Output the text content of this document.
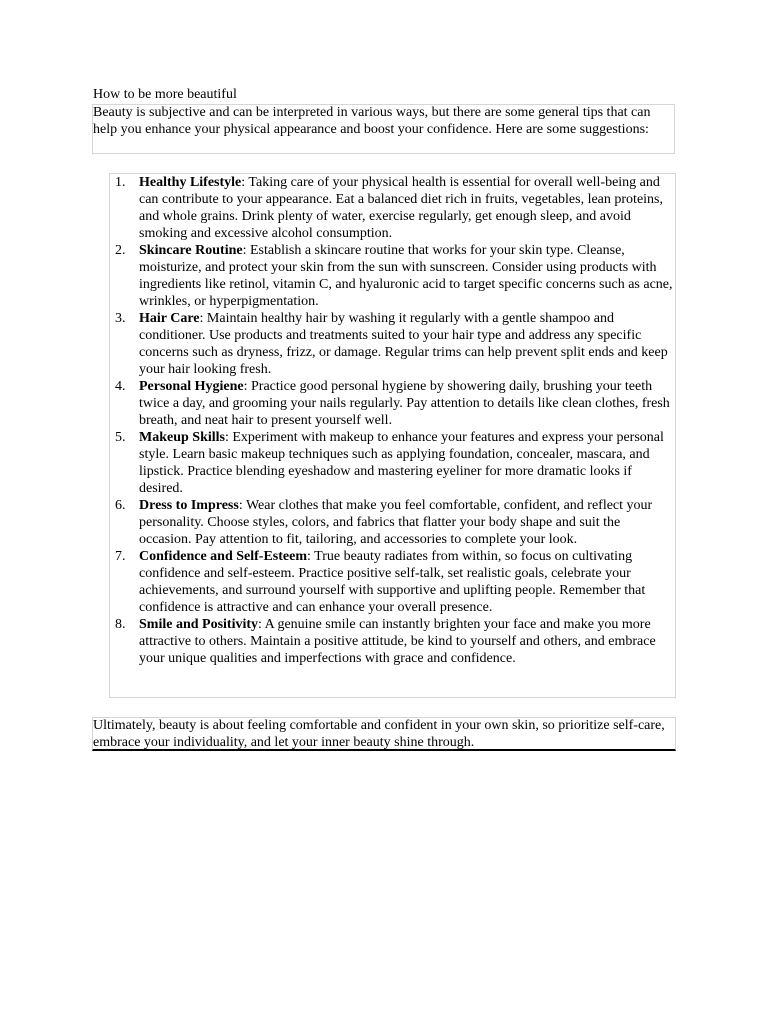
How to be more beautiful

Beauty is subjective and can be interpreted in various ways, but there are some general tips that can help you enhance your physical appearance and boost your confidence. Here are some suggestions:

1. Healthy Lifestyle: Taking care of your physical health is essential for overall well-being and can contribute to your appearance. Eat a balanced diet rich in fruits, vegetables, lean proteins, and whole grains. Drink plenty of water, exercise regularly, get enough sleep, and avoid smoking and excessive alcohol consumption.
2. Skincare Routine: Establish a skincare routine that works for your skin type. Cleanse, moisturize, and protect your skin from the sun with sunscreen. Consider using products with ingredients like retinol, vitamin C, and hyaluronic acid to target specific concerns such as acne, wrinkles, or hyperpigmentation.
3. Hair Care: Maintain healthy hair by washing it regularly with a gentle shampoo and conditioner. Use products and treatments suited to your hair type and address any specific concerns such as dryness, frizz, or damage. Regular trims can help prevent split ends and keep your hair looking fresh.
4. Personal Hygiene: Practice good personal hygiene by showering daily, brushing your teeth twice a day, and grooming your nails regularly. Pay attention to details like clean clothes, fresh breath, and neat hair to present yourself well.
5. Makeup Skills: Experiment with makeup to enhance your features and express your personal style. Learn basic makeup techniques such as applying foundation, concealer, mascara, and lipstick. Practice blending eyeshadow and mastering eyeliner for more dramatic looks if desired.
6. Dress to Impress: Wear clothes that make you feel comfortable, confident, and reflect your personality. Choose styles, colors, and fabrics that flatter your body shape and suit the occasion. Pay attention to fit, tailoring, and accessories to complete your look.
7. Confidence and Self-Esteem: True beauty radiates from within, so focus on cultivating confidence and self-esteem. Practice positive self-talk, set realistic goals, celebrate your achievements, and surround yourself with supportive and uplifting people. Remember that confidence is attractive and can enhance your overall presence.
8. Smile and Positivity: A genuine smile can instantly brighten your face and make you more attractive to others. Maintain a positive attitude, be kind to yourself and others, and embrace your unique qualities and imperfections with grace and confidence.

Ultimately, beauty is about feeling comfortable and confident in your own skin, so prioritize self-care, embrace your individuality, and let your inner beauty shine through.
